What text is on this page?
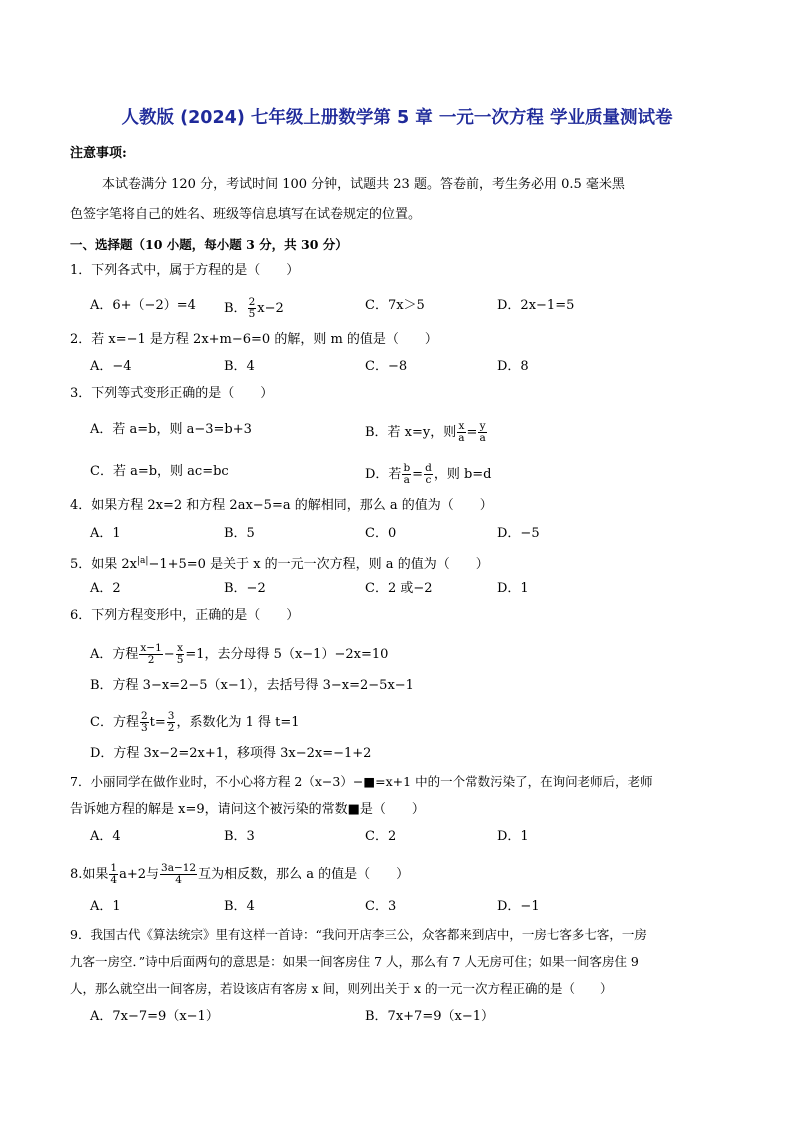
人教版 (2024) 七年级上册数学第 5 章 一元一次方程 学业质量测试卷
注意事项:
本试卷满分 120 分，考试时间 100 分钟，试题共 23 题。答卷前，考生务必用 0.5 毫米黑
色签字笔将自己的姓名、班级等信息填写在试卷规定的位置。
一、选择题（10 小题，每小题 3 分，共 30 分）
1．下列各式中，属于方程的是（　　）
A．6+（−2）=4 B． $\frac{2}{5} x-2$	C．7x＞5	D．2x−1=5
2．若 x=−1 是方程 2x+m−6=0 的解，则 m 的值是（　　）
A．−4	B．4	C．−8	D．8
3．下列等式变形正确的是（　　）
A．若 a=b，则 a−3=b+3	B．若 x=y，则 $\frac{x}{a} = \frac{y}{a}$
C．若 a=b，则 ac=bc	D．若 $\frac{b}{a} = \frac{d}{c}$ ，则 b=d
4．如果方程 2x=2 和方程 2ax−5=a 的解相同，那么 a 的值为（　　）
A．1	B．5	C．0	D．−5
5．如果 $2x^{|a|}-1+5=0$ 是关于 x 的一元一次方程，则 a 的值为（　　）
A．2	B．−2	C．2 或−2	D．1
6．下列方程变形中，正确的是（　　）
A．方程 $\frac{x-1}{2} - \frac{x}{5} =1$，去分母得 5（x−1）−2x=10
B．方程 3−x=2−5（x−1），去括号得 3−x=2−5x−1
C．方程 $\frac{2}{3} t= \frac{3}{2}$ ，系数化为 1 得 t=1
D．方程 3x−2=2x+1，移项得 3x−2x=−1+2
7．小丽同学在做作业时，不小心将方程 2（x−3）−■=x+1 中的一个常数污染了，在询问老师后，老师
告诉她方程的解是 x=9，请问这个被污染的常数■是（　　）
A．4	B．3	C．2	D．1
8.如果 $\frac{1}{4} a+2$与 $\frac{3a-12}{4}$ 互为相反数，那么 a 的值是（　　）
A．1	B．4	C．3	D．−1
9．我国古代《算法统宗》里有这样一首诗：“我问开店李三公，众客都来到店中，一房七客多七客，一房
九客一房空．”诗中后面两句的意思是：如果一间客房住 7 人，那么有 7 人无房可住；如果一间客房住 9
人，那么就空出一间客房，若设该店有客房 x 间，则列出关于 x 的一元一次方程正确的是（　　）
A．7x−7=9（x−1）	B．7x+7=9（x−1）
